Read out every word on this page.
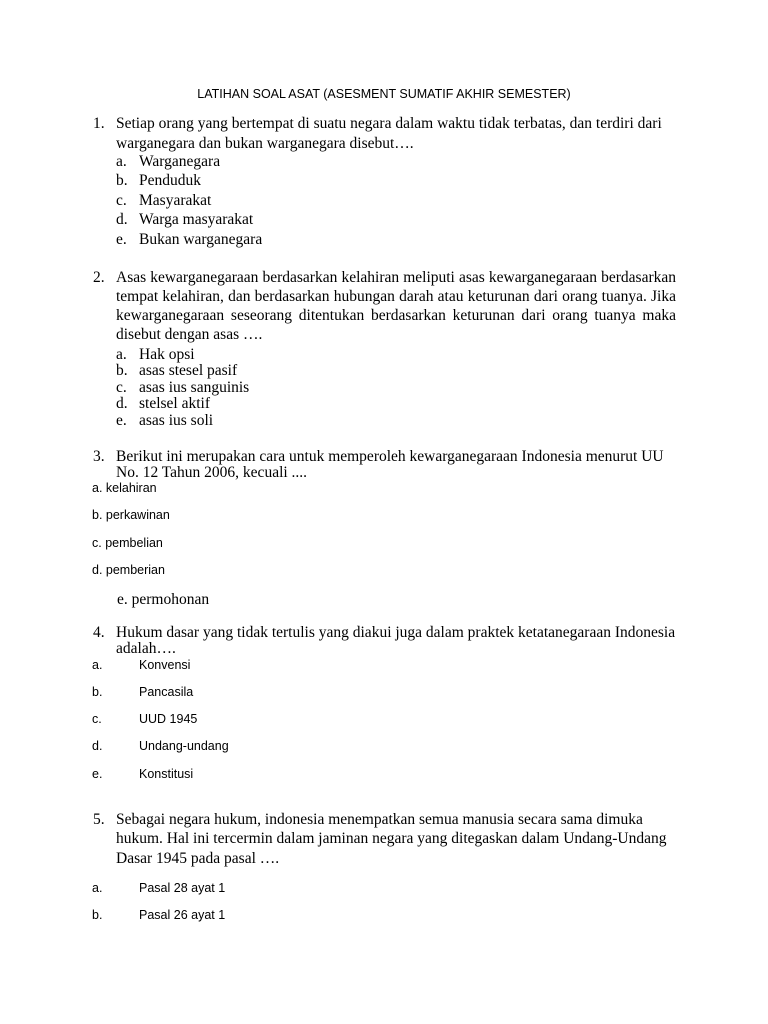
LATIHAN SOAL ASAT (ASESMENT SUMATIF AKHIR SEMESTER)
1. Setiap orang yang bertempat di suatu negara dalam waktu tidak terbatas, dan terdiri dari
warganegara dan bukan warganegara disebut….
a. Warganegara
b. Penduduk
c. Masyarakat
d. Warga masyarakat
e. Bukan warganegara
2. Asas kewarganegaraan berdasarkan kelahiran meliputi asas kewarganegaraan berdasarkan tempat kelahiran, dan berdasarkan hubungan darah atau keturunan dari orang tuanya. Jika kewarganegaraan seseorang ditentukan berdasarkan keturunan dari orang tuanya maka disebut dengan asas ….
a. Hak opsi
b. asas stesel pasif
c. asas ius sanguinis
d. stelsel aktif
e. asas ius soli
3. Berikut ini merupakan cara untuk memperoleh kewarganegaraan Indonesia menurut UU
No. 12 Tahun 2006, kecuali ....
a. kelahiran
b. perkawinan
c. pembelian
d. pemberian
e. permohonan
4. Hukum dasar yang tidak tertulis yang diakui juga dalam praktek ketatanegaraan Indonesia
adalah….
a.	Konvensi
b.	Pancasila
c.	UUD 1945
d.	Undang-undang
e.	Konstitusi
5. Sebagai negara hukum, indonesia menempatkan semua manusia secara sama dimuka
hukum. Hal ini tercermin dalam jaminan negara yang ditegaskan dalam Undang-Undang
Dasar 1945 pada pasal ….
a.	Pasal 28 ayat 1
b.	Pasal 26 ayat 1
